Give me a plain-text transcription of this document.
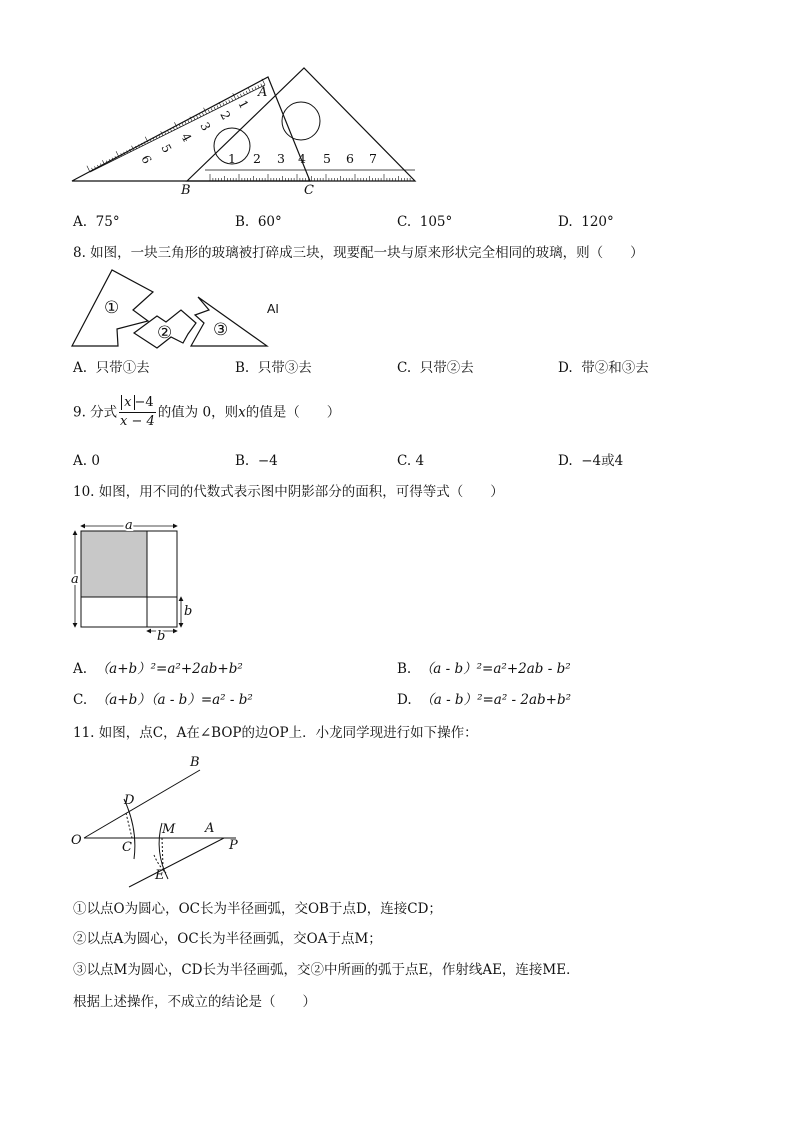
1
2
3
4
5
6	1 2 3 4 5 6 7
A
B	C
A. 75°	B. 60°	C. 105°	D. 120°
8. 如图，一块三角形的玻璃被打碎成三块，现要配一块与原来形状完全相同的玻璃，则（　　）
①
② ③
AI
A. 只带①去	B. 只带③去	C. 只带②去	D. 带②和③去
9. 分式 $\frac{x -4}{x - 4}$ 的值为 0，则x的值是（　　）
A. 0	B. −4	C. 4	D. −4或4
10. 如图，用不同的代数式表示图中阴影部分的面积，可得等式（　　）
a
a
b
b
A. （a+b）²=a²+2ab+b²	B. （a - b）²=a²+2ab - b²
C. （a+b）（a - b）=a² - b²	D. （a - b）²=a² - 2ab+b²
11. 如图，点C，A在∠BOP的边OP上．小龙同学现进行如下操作：
B
D
O	C
M A
P
E
①以点O为圆心，OC长为半径画弧，交OB于点D，连接CD；
②以点A为圆心，OC长为半径画弧，交OA于点M；
③以点M为圆心，CD长为半径画弧，交②中所画的弧于点E，作射线AE，连接ME．
根据上述操作，不成立的结论是（　　）
